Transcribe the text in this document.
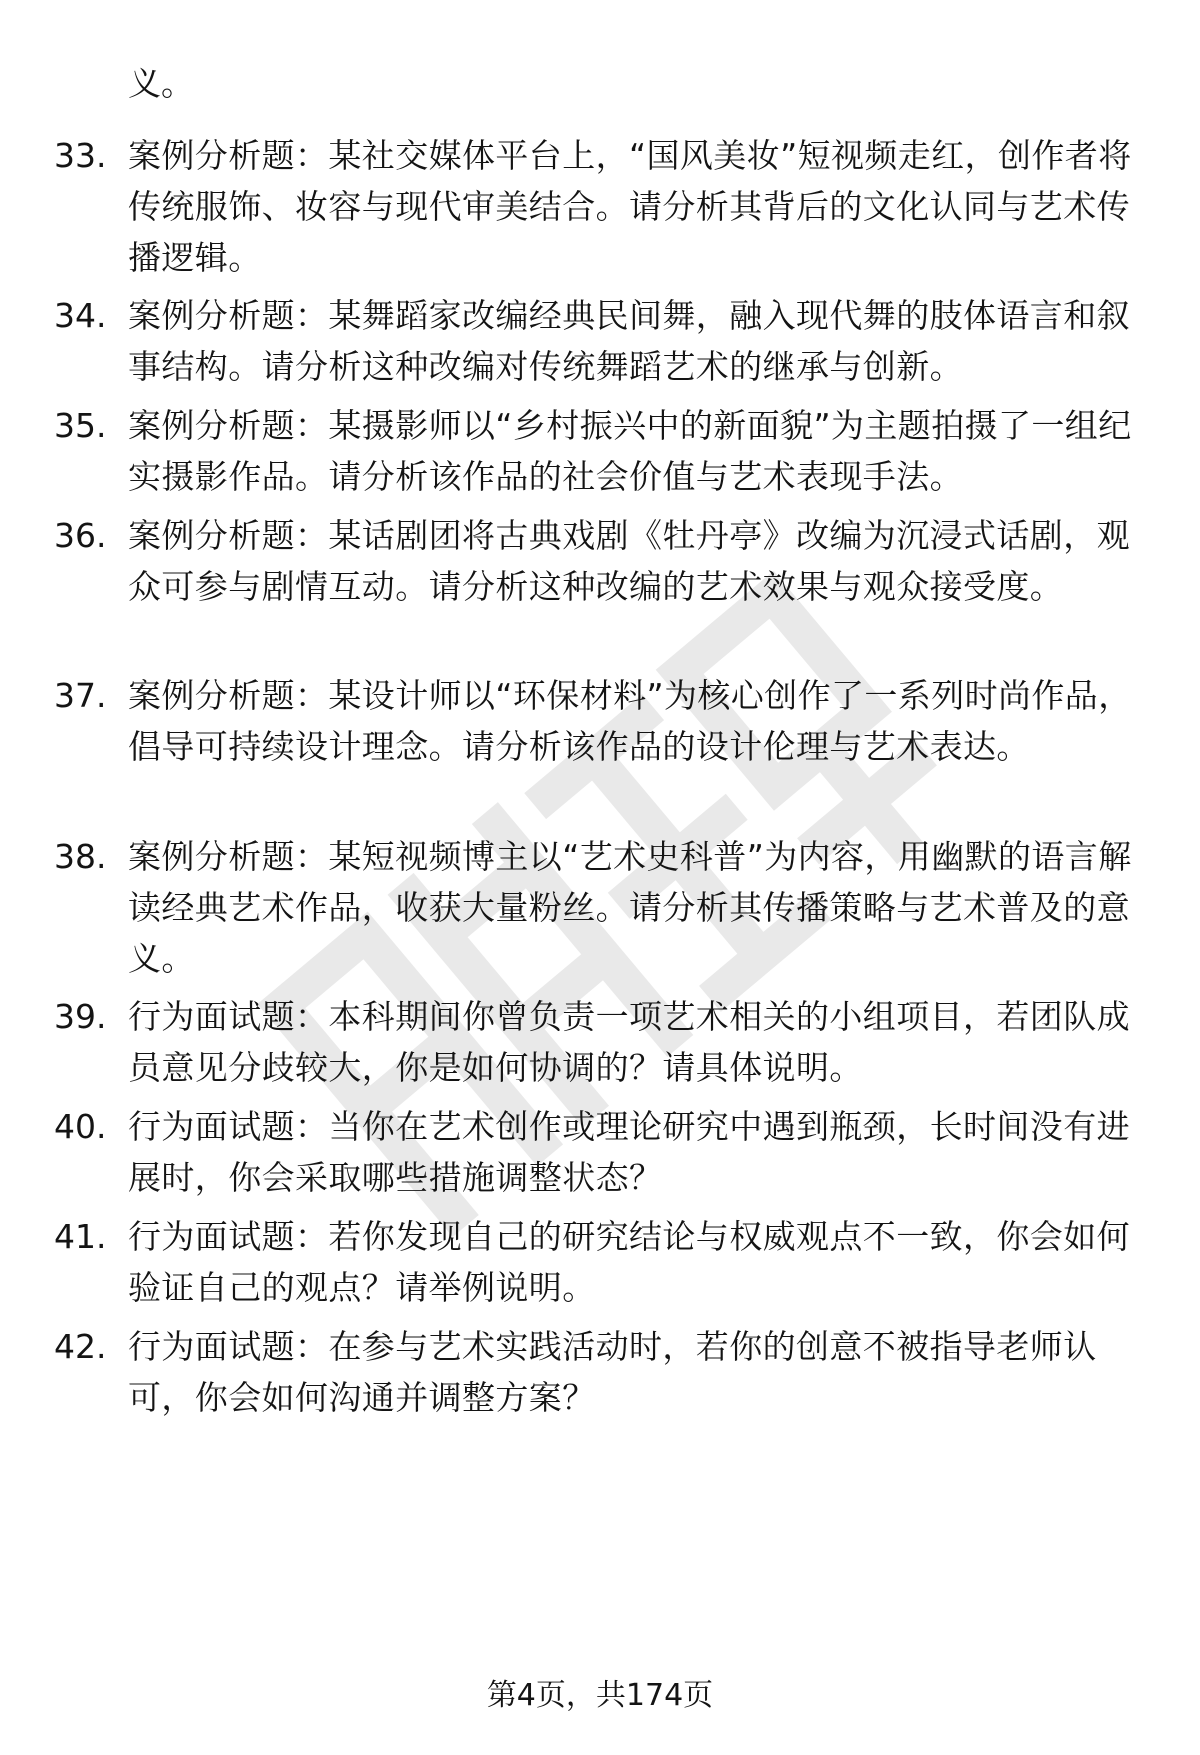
义。

33. 案例分析题：某社交媒体平台上，“国风美妆”短视频走红，创作者将传统服饰、妆容与现代审美结合。请分析其背后的文化认同与艺术传播逻辑。
34. 案例分析题：某舞蹈家改编经典民间舞，融入现代舞的肢体语言和叙事结构。请分析这种改编对传统舞蹈艺术的继承与创新。
35. 案例分析题：某摄影师以“乡村振兴中的新面貌”为主题拍摄了一组纪实摄影作品。请分析该作品的社会价值与艺术表现手法。
36. 案例分析题：某话剧团将古典戏剧《牡丹亭》改编为沉浸式话剧，观众可参与剧情互动。请分析这种改编的艺术效果与观众接受度。
37. 案例分析题：某设计师以“环保材料”为核心创作了一系列时尚作品，倡导可持续设计理念。请分析该作品的设计伦理与艺术表达。
38. 案例分析题：某短视频博主以“艺术史科普”为内容，用幽默的语言解读经典艺术作品，收获大量粉丝。请分析其传播策略与艺术普及的意义。
39. 行为面试题：本科期间你曾负责一项艺术相关的小组项目，若团队成员意见分歧较大，你是如何协调的？请具体说明。
40. 行为面试题：当你在艺术创作或理论研究中遇到瓶颈，长时间没有进展时，你会采取哪些措施调整状态？
41. 行为面试题：若你发现自己的研究结论与权威观点不一致，你会如何验证自己的观点？请举例说明。
42. 行为面试题：在参与艺术实践活动时，若你的创意不被指导老师认可，你会如何沟通并调整方案？
第4页，共174页
